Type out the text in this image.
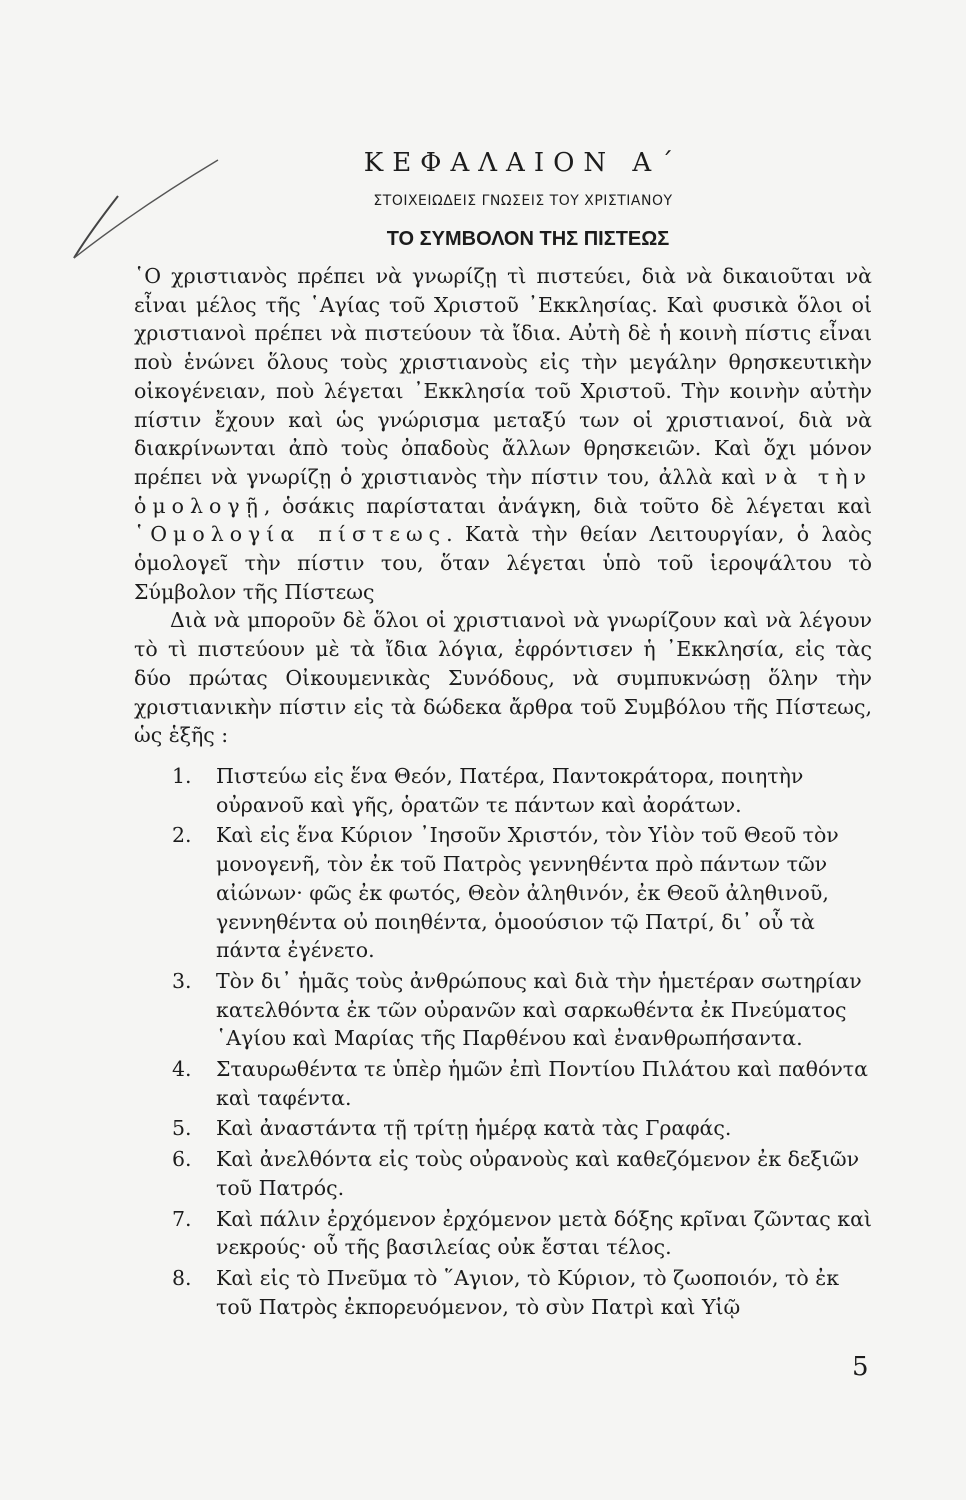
ΚΕΦΑΛΑΙΟΝ Α΄
ΣΤΟΙΧΕΙΩΔΕΙΣ ΓΝΩΣΕΙΣ ΤΟΥ ΧΡΙΣΤΙΑΝΟΥ
ΤΟ ΣΥΜΒΟΛΟΝ ΤΗΣ ΠΙΣΤΕΩΣ

῾Ο χριστιανὸς πρέπει νὰ γνωρίζῃ τὶ πιστεύει, διὰ νὰ δικαιοῦται νὰ εἶναι μέλος τῆς ῾Αγίας τοῦ Χριστοῦ ᾿Εκκλησίας. Καὶ φυσικὰ ὅλοι οἱ χριστιανοὶ πρέπει νὰ πιστεύουν τὰ ἴδια. Αὐτὴ δὲ ἡ κοινὴ πίστις εἶναι ποὺ ἑνώνει ὅλους τοὺς χριστιανοὺς εἰς τὴν μεγάλην θρησκευτικὴν οἰκογένειαν, ποὺ λέγεται ᾿Εκκλησία τοῦ Χριστοῦ. Τὴν κοινὴν αὐτὴν πίστιν ἔχουν καὶ ὡς γνώρισμα μεταξύ των οἱ χριστιανοί, διὰ νὰ διακρίνωνται ἀπὸ τοὺς ὀπαδοὺς ἄλλων θρησκειῶν. Καὶ ὄχι μόνον πρέπει νὰ γνωρίζῃ ὁ χριστιανὸς τὴν πίστιν του, ἀλλὰ καὶ νὰ τὴν ὁμολογῇ, ὁσάκις παρίσταται ἀνάγκη, διὰ τοῦτο δὲ λέγεται καὶ ῾Ομολογία πίστεως. Κατὰ τὴν θείαν Λειτουργίαν, ὁ λαὸς ὁμολογεῖ τὴν πίστιν του, ὅταν λέγεται ὑπὸ τοῦ ἱεροψάλτου τὸ Σύμβολον τῆς Πίστεως

Διὰ νὰ μποροῦν δὲ ὅλοι οἱ χριστιανοὶ νὰ γνωρίζουν καὶ νὰ λέγουν τὸ τὶ πιστεύουν μὲ τὰ ἴδια λόγια, ἐφρόντισεν ἡ ᾿Εκκλησία, εἰς τὰς δύο πρώτας Οἰκουμενικὰς Συνόδους, νὰ συμπυκνώσῃ ὅλην τὴν χριστιανικὴν πίστιν εἰς τὰ δώδεκα ἄρθρα τοῦ Συμβόλου τῆς Πίστεως, ὡς ἑξῆς :

1.	Πιστεύω εἰς ἕνα Θεόν, Πατέρα, Παντοκράτορα, ποιητὴν οὐρανοῦ καὶ γῆς, ὁρατῶν τε πάντων καὶ ἀοράτων.
2.	Καὶ εἰς ἕνα Κύριον ᾿Ιησοῦν Χριστόν, τὸν Υἱὸν τοῦ Θεοῦ τὸν μονογενῆ, τὸν ἐκ τοῦ Πατρὸς γεννηθέντα πρὸ πάντων τῶν αἰώνων· φῶς ἐκ φωτός, Θεὸν ἀληθινόν, ἐκ Θεοῦ ἀληθινοῦ, γεννηθέντα οὐ ποιηθέντα, ὁμοούσιον τῷ Πατρί, δι᾿ οὗ τὰ πάντα ἐγένετο.
3.	Τὸν δι᾿ ἡμᾶς τοὺς ἀνθρώπους καὶ διὰ τὴν ἡμετέραν σωτηρίαν κατελθόντα ἐκ τῶν οὐρανῶν καὶ σαρκωθέντα ἐκ Πνεύματος ῾Αγίου καὶ Μαρίας τῆς Παρθένου καὶ ἐνανθρωπήσαντα.
4.	Σταυρωθέντα τε ὑπὲρ ἡμῶν ἐπὶ Ποντίου Πιλάτου καὶ παθόντα καὶ ταφέντα.
5.	Καὶ ἀναστάντα τῇ τρίτῃ ἡμέρᾳ κατὰ τὰς Γραφάς.
6.	Καὶ ἀνελθόντα εἰς τοὺς οὐρανοὺς καὶ καθεζόμενον ἐκ δεξιῶν τοῦ Πατρός.
7.	Καὶ πάλιν ἐρχόμενον ἐρχόμενον μετὰ δόξης κρῖναι ζῶντας καὶ νεκρούς· οὗ τῆς βασιλείας οὐκ ἔσται τέλος.
8.	Καὶ εἰς τὸ Πνεῦμα τὸ ῞Αγιον, τὸ Κύριον, τὸ ζωοποιόν, τὸ ἐκ τοῦ Πατρὸς ἐκπορευόμενον, τὸ σὺν Πατρὶ καὶ Υἱῷ
5
